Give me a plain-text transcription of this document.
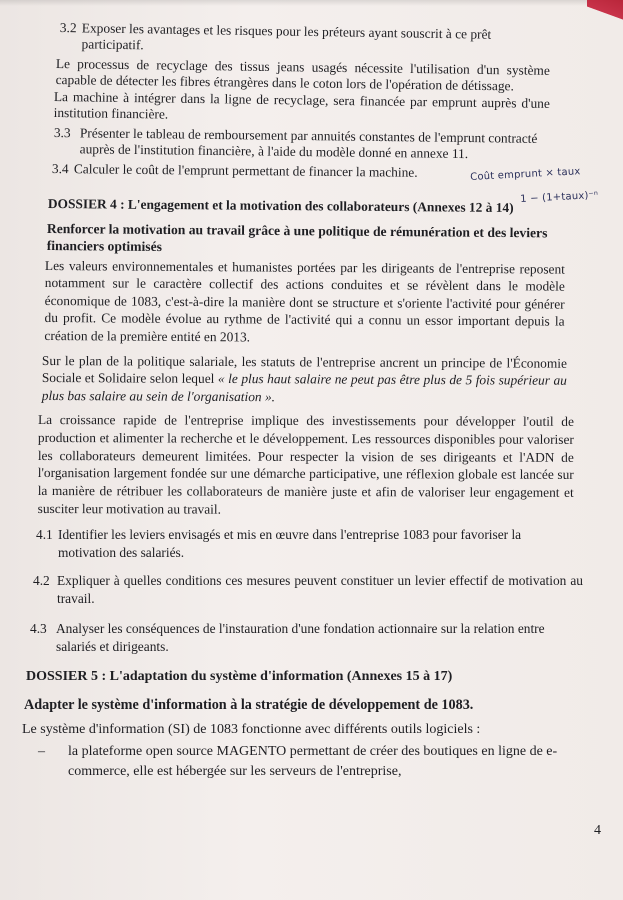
3.2 Exposer les avantages et les risques pour les préteurs ayant souscrit à ce prêt participatif.

Le processus de recyclage des tissus jeans usagés nécessite l'utilisation d'un système capable de détecter les fibres étrangères dans le coton lors de l'opération de détissage.

La machine à intégrer dans la ligne de recyclage, sera financée par emprunt auprès d'une institution financière.

3.3 Présenter le tableau de remboursement par annuités constantes de l'emprunt contracté auprès de l'institution financière, à l'aide du modèle donné en annexe 11.
3.4 Calculer le coût de l'emprunt permettant de financer la machine.	Coût emprunt × taux
1 − (1+taux)⁻ⁿ

DOSSIER 4 : L'engagement et la motivation des collaborateurs (Annexes 12 à 14)

Renforcer la motivation au travail grâce à une politique de rémunération et des leviers financiers optimisés

Les valeurs environnementales et humanistes portées par les dirigeants de l'entreprise reposent notamment sur le caractère collectif des actions conduites et se révèlent dans le modèle économique de 1083, c'est-à-dire la manière dont se structure et s'oriente l'activité pour générer du profit. Ce modèle évolue au rythme de l'activité qui a connu un essor important depuis la création de la première entité en 2013.

Sur le plan de la politique salariale, les statuts de l'entreprise ancrent un principe de l'Économie Sociale et Solidaire selon lequel « le plus haut salaire ne peut pas être plus de 5 fois supérieur au plus bas salaire au sein de l'organisation ».

La croissance rapide de l'entreprise implique des investissements pour développer l'outil de production et alimenter la recherche et le développement. Les ressources disponibles pour valoriser les collaborateurs demeurent limitées. Pour respecter la vision de ses dirigeants et l'ADN de l'organisation largement fondée sur une démarche participative, une réflexion globale est lancée sur la manière de rétribuer les collaborateurs de manière juste et afin de valoriser leur engagement et susciter leur motivation au travail.

4.1 Identifier les leviers envisagés et mis en œuvre dans l'entreprise 1083 pour favoriser la motivation des salariés.
4.2 Expliquer à quelles conditions ces mesures peuvent constituer un levier effectif de motivation au travail.
4.3 Analyser les conséquences de l'instauration d'une fondation actionnaire sur la relation entre salariés et dirigeants.

DOSSIER 5 : L'adaptation du système d'information (Annexes 15 à 17)

Adapter le système d'information à la stratégie de développement de 1083.

Le système d'information (SI) de 1083 fonctionne avec différents outils logiciels :

– la plateforme open source MAGENTO permettant de créer des boutiques en ligne de e-commerce, elle est hébergée sur les serveurs de l'entreprise,
4
